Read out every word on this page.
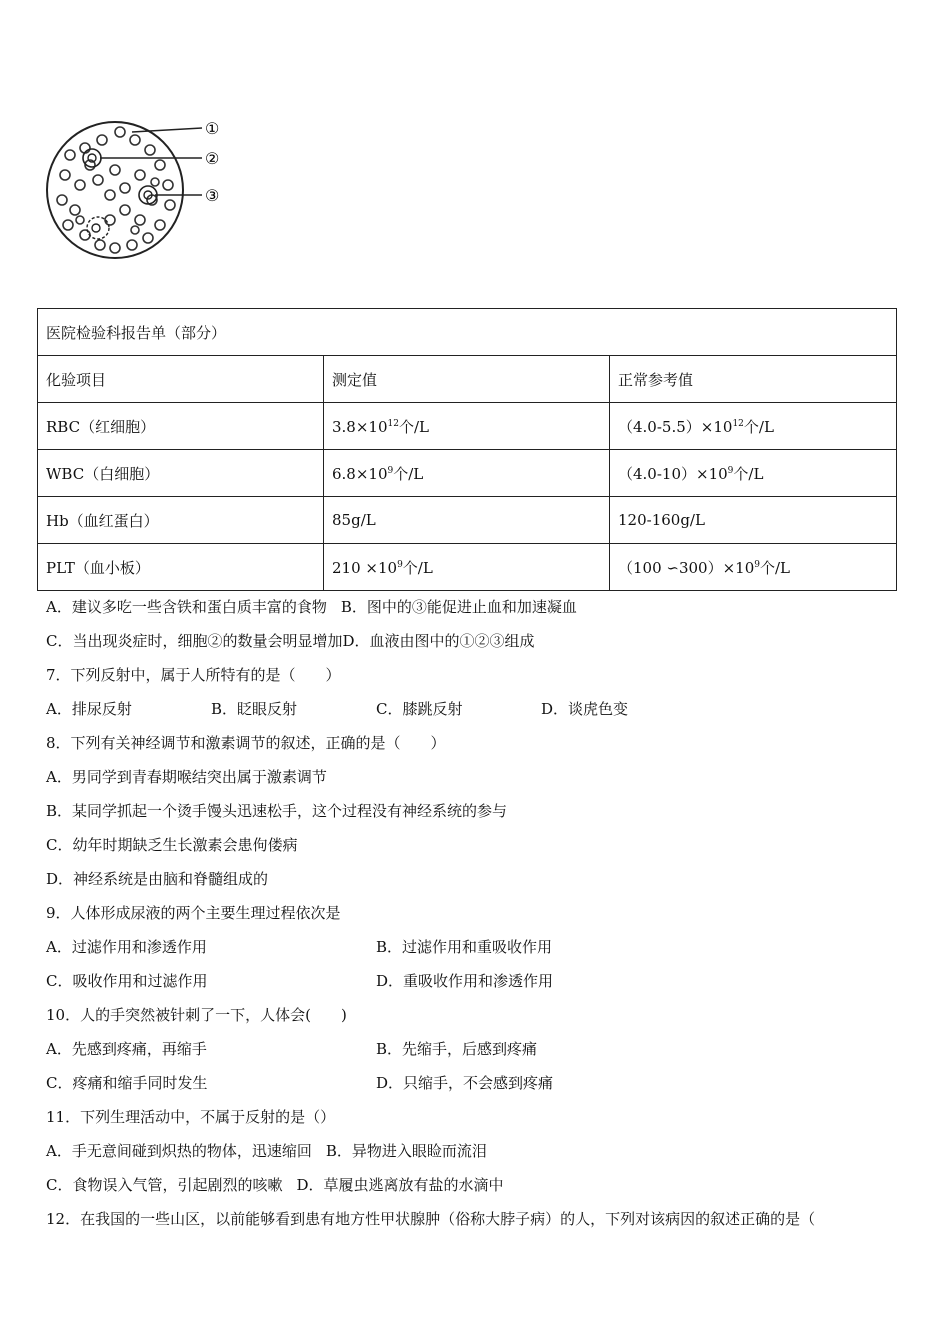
①
②
③
医院检验科报告单（部分）		
化验项目	测定值	正常参考值
RBC（红细胞）	$3.8\times 10^{12}$个/L	$(4.0-5.5)\times 10^{12}$个/L
WBC（白细胞）	$6.8\times 10^9$个/L	$(4.0-10)\times 10^9$个/L
Hb（血红蛋白）	85g/L	120-160g/L
PLT（血小板）	$210 \times 10^9$个/L	（100 $∽300)\times 10^9$个/L
A．建议多吃一些含铁和蛋白质丰富的食物 B．图中的③能促进止血和加速凝血
C．当出现炎症时，细胞②的数量会明显增加D．血液由图中的①②③组成
7．下列反射中，属于人所特有的是（　　）
A．排尿反射	B．眨眼反射	C．膝跳反射	D．谈虎色变
8．下列有关神经调节和激素调节的叙述，正确的是（　　）
A．男同学到青春期喉结突出属于激素调节
B．某同学抓起一个烫手馒头迅速松手，这个过程没有神经系统的参与
C．幼年时期缺乏生长激素会患佝偻病
D．神经系统是由脑和脊髓组成的
9．人体形成尿液的两个主要生理过程依次是
A．过滤作用和渗透作用	B．过滤作用和重吸收作用
C．吸收作用和过滤作用	D．重吸收作用和渗透作用
10．人的手突然被针刺了一下，人体会(　　)
A．先感到疼痛，再缩手	B．先缩手，后感到疼痛
C．疼痛和缩手同时发生	D．只缩手，不会感到疼痛
11．下列生理活动中，不属于反射的是（）
A．手无意间碰到炽热的物体，迅速缩回 B．异物进入眼睑而流泪
C．食物误入气管，引起剧烈的咳嗽 D．草履虫逃离放有盐的水滴中
12．在我国的一些山区，以前能够看到患有地方性甲状腺肿（俗称大脖子病）的人，下列对该病因的叙述正确的是（
